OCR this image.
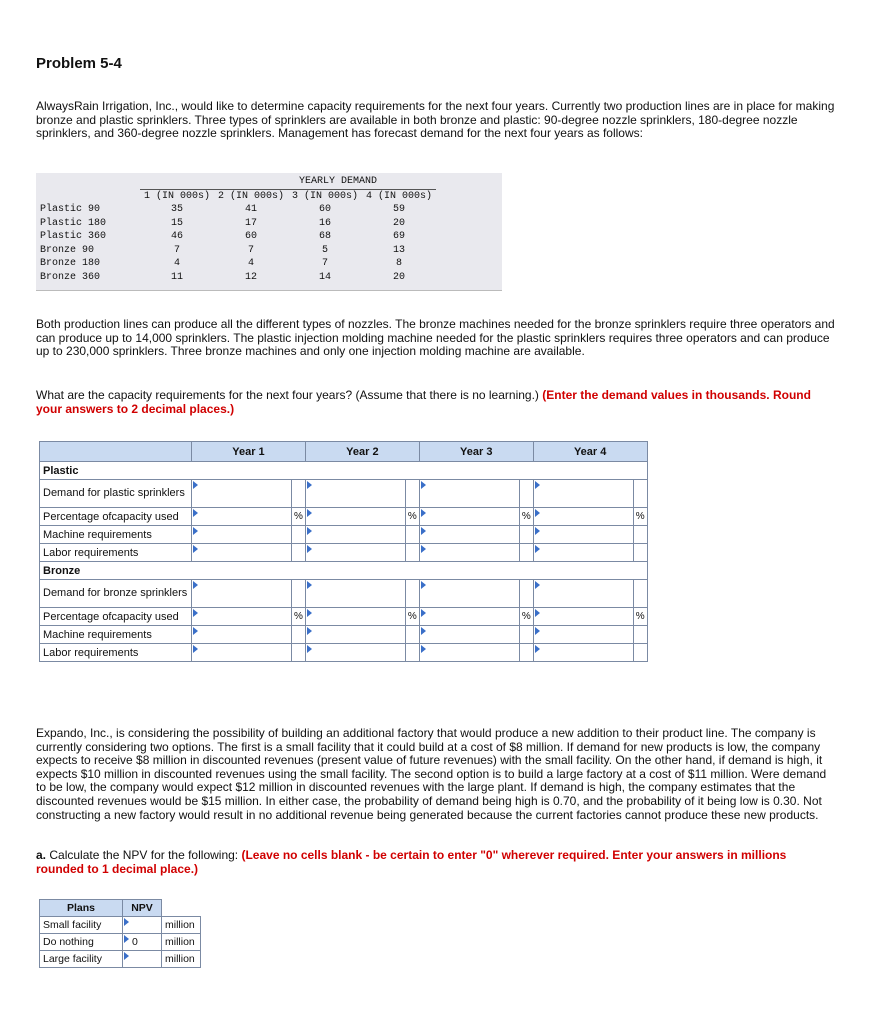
Problem 5-4

AlwaysRain Irrigation, Inc., would like to determine capacity requirements for the next four years. Currently two production lines are in place for making bronze and plastic sprinklers. Three types of sprinklers are available in both bronze and plastic: 90-degree nozzle sprinklers, 180-degree nozzle sprinklers, and 360-degree nozzle sprinklers. Management has forecast demand for the next four years as follows:

	YEARLY DEMAND			
	1 (IN 000s)	2 (IN 000s)	3 (IN 000s)	4 (IN 000s)
Plastic 90	35	41	60	59
Plastic 180	15	17	16	20
Plastic 360	46	60	68	69
Bronze 90	7	7	5	13
Bronze 180	4	4	7	8
Bronze 360	11	12	14	20

Both production lines can produce all the different types of nozzles. The bronze machines needed for the bronze sprinklers require three operators and can produce up to 14,000 sprinklers. The plastic injection molding machine needed for the plastic sprinklers requires three operators and can produce up to 230,000 sprinklers. Three bronze machines and only one injection molding machine are available.

What are the capacity requirements for the next four years? (Assume that there is no learning.) (Enter the demand values in thousands. Round your answers to 2 decimal places.)

	Year 1		Year 2		Year 3		Year 4	
Plastic								
Demand for plastic sprinklers	

Percentage ofcapacity used		%		%		%		%
Machine requirements	

Labor requirements	

Bronze								
Demand for bronze sprinklers	

Percentage ofcapacity used		%		%		%		%
Machine requirements	

Labor requirements	

Expando, Inc., is considering the possibility of building an additional factory that would produce a new addition to their product line. The company is currently considering two options. The first is a small facility that it could build at a cost of $8 million. If demand for new products is low, the company expects to receive $8 million in discounted revenues (present value of future revenues) with the small facility. On the other hand, if demand is high, it expects $10 million in discounted revenues using the small facility. The second option is to build a large factory at a cost of $11 million. Were demand to be low, the company would expect $12 million in discounted revenues with the large plant. If demand is high, the company estimates that the discounted revenues would be $15 million. In either case, the probability of demand being high is 0.70, and the probability of it being low is 0.30. Not constructing a new factory would result in no additional revenue being generated because the current factories cannot produce these new products.

a. Calculate the NPV for the following: (Leave no cells blank - be certain to enter "0" wherever required. Enter your answers in millions rounded to 1 decimal place.)

Plans	NPV	
Small facility		million
Do nothing	0	million
Large facility		million
